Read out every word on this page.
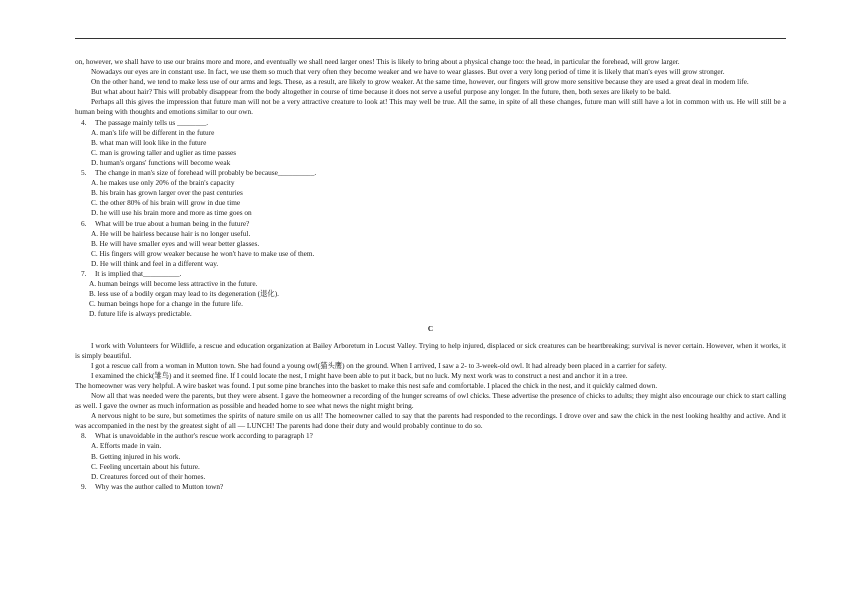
on, however, we shall have to use our brains more and more, and eventually we shall need larger ones! This is likely to bring about a physical change too: the head, in particular the forehead, will grow larger.

Nowadays our eyes are in constant use. In fact, we use them so much that very often they become weaker and we have to wear glasses. But over a very long period of time it is likely that man's eyes will grow stronger.

On the other hand, we tend to make less use of our arms and legs. These, as a result, are likely to grow weaker. At the same time, however, our fingers will grow more sensitive because they are used a great deal in modem life.

But what about hair? This will probably disappear from the body altogether in course of time because it does not serve a useful purpose any longer. In the future, then, both sexes are likely to be bald.

Perhaps all this gives the impression that future man will not be a very attractive creature to look at! This may well be true. All the same, in spite of all these changes, future man will still have a lot in common with us. He will still be a human being with thoughts and emotions similar to our own.

4. The passage mainly tells us ________.

A. man's life will be different in the future

B. what man will look like in the future

C. man is growing taller and uglier as time passes

D. human's organs' functions will become weak

5. The change in man's size of forehead will probably be because__________.

A. he makes use only 20% of the brain's capacity

B. his brain has grown larger over the past centuries

C. the other 80% of his brain will grow in due time

D. he will use his brain more and more as time goes on

6. What will be true about a human being in the future?

A. He will be hairless because hair is no longer useful.

B. He will have smaller eyes and will wear better glasses.

C. His fingers will grow weaker because he won't have to make use of them.

D. He will think and feel in a different way.

7. It is implied that__________.

A. human beings will become less attractive in the future.

B. less use of a bodily organ may lead to its degeneration (退化).

C. human beings hope for a change in the future life.

D. future life is always predictable.

C

I work with Volunteers for Wildlife, a rescue and education organization at Bailey Arboretum in Locust Valley. Trying to help injured, displaced or sick creatures can be heartbreaking; survival is never certain. However, when it works, it is simply beautiful.

I got a rescue call from a woman in Mutton town. She had found a young owl(猫头鹰) on the ground. When I arrived, I saw a 2- to 3-week-old owl. It had already been placed in a carrier for safety.

I examined the chick(雏鸟) and it seemed fine. If I could locate the nest, I might have been able to put it back, but no luck. My next work was to construct a nest and anchor it in a tree.

The homeowner was very helpful. A wire basket was found. I put some pine branches into the basket to make this nest safe and comfortable. I placed the chick in the nest, and it quickly calmed down.

Now all that was needed were the parents, but they were absent. I gave the homeowner a recording of the hunger screams of owl chicks. These advertise the presence of chicks to adults; they might also encourage our chick to start calling as well. I gave the owner as much information as possible and headed home to see what news the night might bring.

A nervous night to be sure, but sometimes the spirits of nature smile on us all! The homeowner called to say that the parents had responded to the recordings. I drove over and saw the chick in the nest looking healthy and active. And it was accompanied in the nest by the greatest sight of all — LUNCH! The parents had done their duty and would probably continue to do so.

8. What is unavoidable in the author's rescue work according to paragraph 1?

A. Efforts made in vain.

B. Getting injured in his work.

C. Feeling uncertain about his future.

D. Creatures forced out of their homes.

9. Why was the author called to Mutton town?
